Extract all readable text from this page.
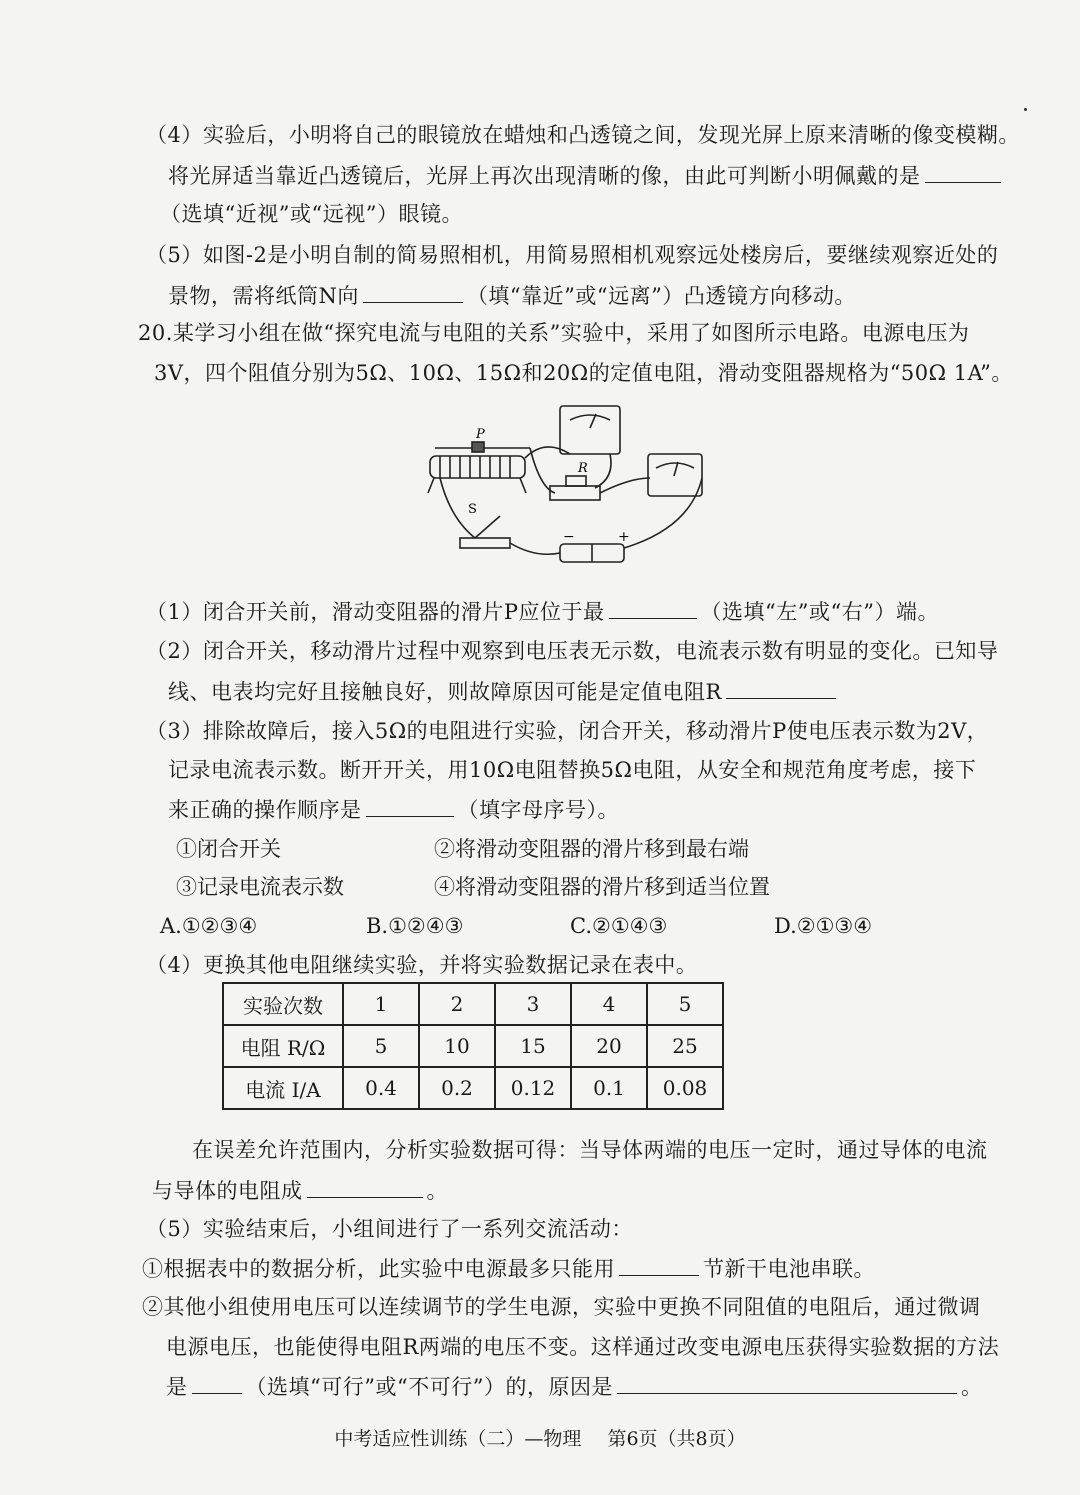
（4）实验后，小明将自己的眼镜放在蜡烛和凸透镜之间，发现光屏上原来清晰的像变模糊。
将光屏适当靠近凸透镜后，光屏上再次出现清晰的像，由此可判断小明佩戴的是
（选填“近视”或“远视”）眼镜。
（5）如图-2是小明自制的简易照相机，用简易照相机观察远处楼房后，要继续观察近处的
景物，需将纸筒N向	（填“靠近”或“远离”）凸透镜方向移动。
20.某学习小组在做“探究电流与电阻的关系”实验中，采用了如图所示电路。电源电压为
3V，四个阻值分别为5Ω、10Ω、15Ω和20Ω的定值电阻，滑动变阻器规格为“50Ω 1A”。
P
R
S
−	+
（1）闭合开关前，滑动变阻器的滑片P应位于最	（选填“左”或“右”）端。
（2）闭合开关，移动滑片过程中观察到电压表无示数，电流表示数有明显的变化。已知导
线、电表均完好且接触良好，则故障原因可能是定值电阻R
（3）排除故障后，接入5Ω的电阻进行实验，闭合开关，移动滑片P使电压表示数为2V，
记录电流表示数。断开开关，用10Ω电阻替换5Ω电阻，从安全和规范角度考虑，接下
来正确的操作顺序是	（填字母序号）。
①闭合开关	②将滑动变阻器的滑片移到最右端
③记录电流表示数	④将滑动变阻器的滑片移到适当位置
A.①②③④	B.①②④③	C.②①④③	D.②①③④
（4）更换其他电阻继续实验，并将实验数据记录在表中。
实验次数	1	2	3	4	5
电阻 R/Ω	5	10	15	20	25
电流 I/A	0.4	0.2	0.12	0.1	0.08
在误差允许范围内，分析实验数据可得：当导体两端的电压一定时，通过导体的电流
与导体的电阻成	。
（5）实验结束后，小组间进行了一系列交流活动：
①根据表中的数据分析，此实验中电源最多只能用	节新干电池串联。
②其他小组使用电压可以连续调节的学生电源，实验中更换不同阻值的电阻后，通过微调
电源电压，也能使得电阻R两端的电压不变。这样通过改变电源电压获得实验数据的方法
是	（选填“可行”或“不可行”）的，原因是	。
中考适应性训练（二）—物理 第6页（共8页）
